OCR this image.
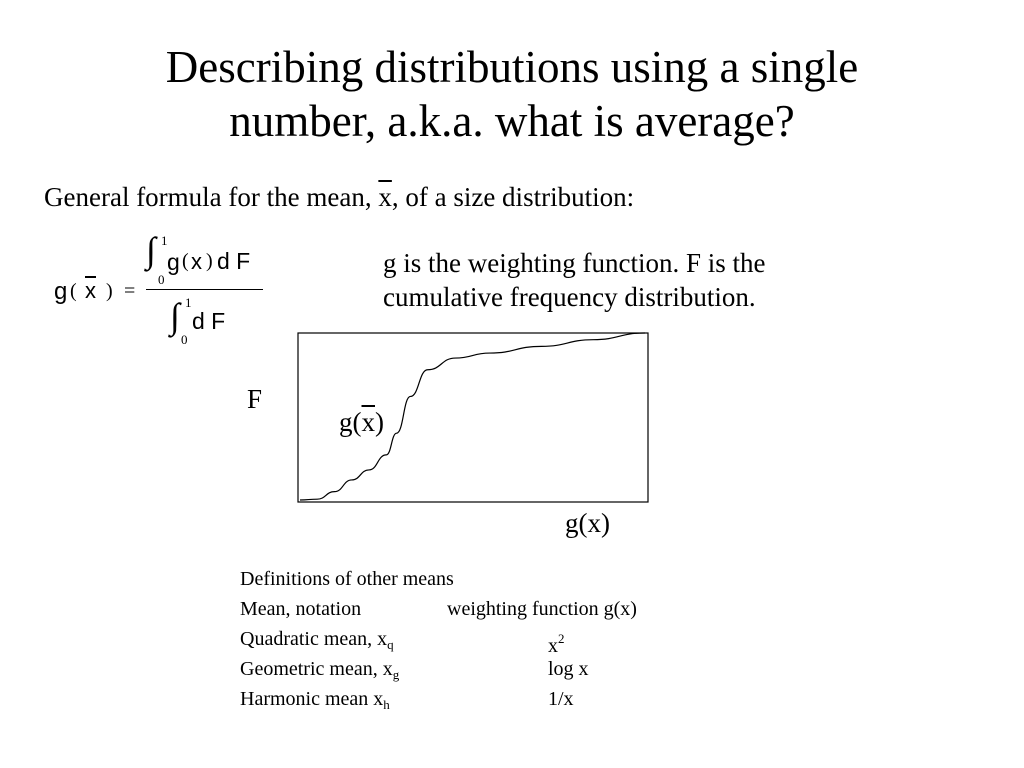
Describing distributions using a single
number, a.k.a. what is average?
General formula for the mean, $\overline{x}$, of a size distribution:
g ( $\overline{x}$ ) =
∫ 1
0
g ( x ) d F
∫ 1
0
d F
g is the weighting function. F is the
cumulative frequency distribution.
F
g(x)
$g(\overline{x})$
Definitions of other means
Mean, notation	weighting function g(x)
Quadratic mean, $x_q$	$x^2$
Geometric mean, $x_g$	log x
Harmonic mean $x_h$	1/x
